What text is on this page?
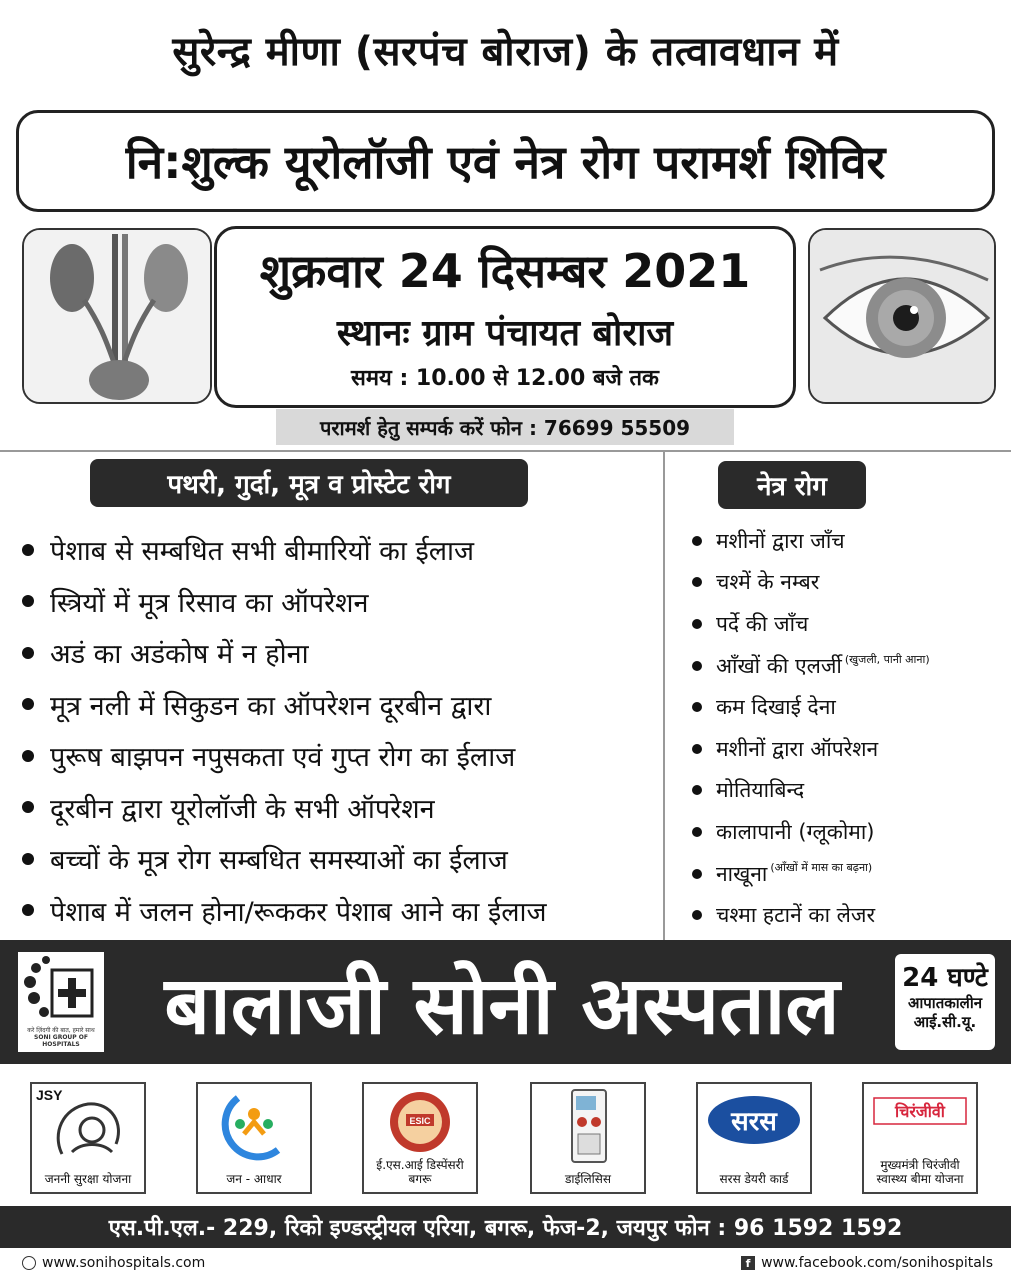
सुरेन्द्र मीणा (सरपंच बोराज) के तत्वावधान में
नि:शुल्क यूरोलॉजी एवं नेत्र रोग परामर्श शिविर
शुक्रवार 24 दिसम्बर 2021
स्थानः ग्राम पंचायत बोराज
समय : 10.00 से 12.00 बजे तक
परामर्श हेतु सम्पर्क करें फोन : 76699 55509
पथरी, गुर्दा, मूत्र व प्रोस्टेट रोग	नेत्र रोग
पेशाब से सम्बधित सभी बीमारियों का ईलाज
स्त्रियों में मूत्र रिसाव का ऑपरेशन
अडं का अडंकोष में न होना
मूत्र नली में सिकुडन का ऑपरेशन दूरबीन द्वारा
पुरूष बाझपन नपुसकता एवं गुप्त रोग का ईलाज
दूरबीन द्वारा यूरोलॉजी के सभी ऑपरेशन
बच्चों के मूत्र रोग सम्बधित समस्याओं का ईलाज
पेशाब में जलन होना/रूककर पेशाब आने का ईलाज
मशीनों द्वारा जाँच
चश्में के नम्बर
पर्दे की जाँच
आँखों की एलर्जी (खुजली, पानी आना)
कम दिखाई देना
मशीनों द्वारा ऑपरेशन
मोतियाबिन्द
कालापानी (ग्लूकोमा)
नाखूना (आँखों में मास का बढ़ना)
चश्मा हटानें का लेजर
करे ज़िंदगी की बात, हमारे साथ
SONI GROUP OF HOSPITALS	बालाजी सोनी अस्पताल	24 घण्टे
आपातकालीन
आई.सी.यू.
JSY
जननी सुरक्षा योजना	जन - आधार
ESIC
ई.एस.आई डिस्पेंसरी बगरू	डाईलिसिस
सरस
सरस डेयरी कार्ड
चिरंजीवी
मुख्यमंत्री चिरंजीवी स्वास्थ्य बीमा योजना
एस.पी.एल.- 229, रिको इण्डस्ट्रीयल एरिया, बगरू, फेज-2, जयपुर फोन : 96 1592 1592
www.sonihospitals.com	f www.facebook.com/sonihospitals
